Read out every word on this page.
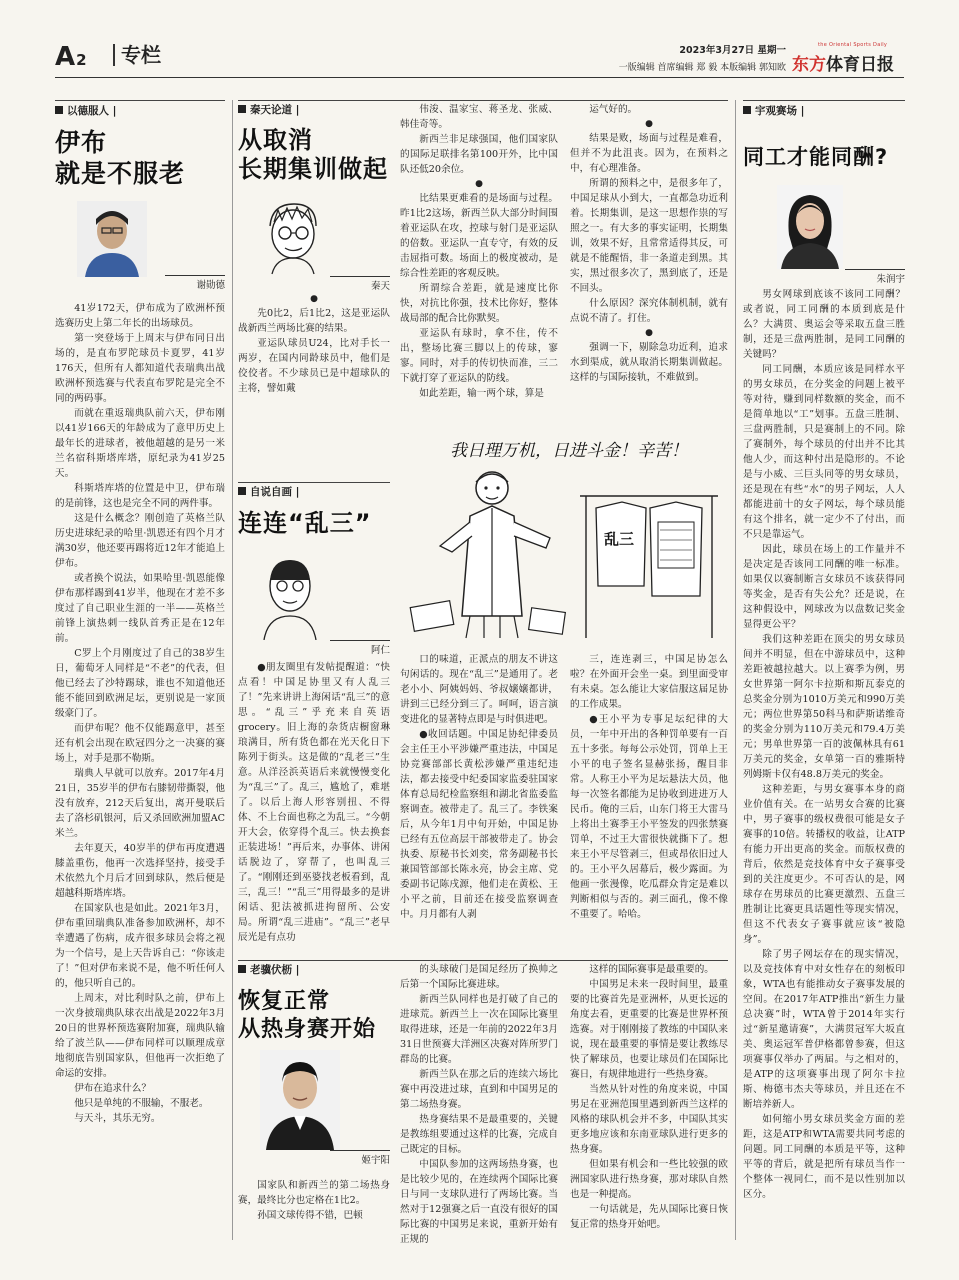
A2	专栏	2023年3月27日 星期一
一版编辑 首席编辑 郑 毅 本版编辑 郭知欧
the Oriental Sports Daily
东方体育日报
以德服人 |
伊布
就是不服老
谢勋德

41岁172天，伊布成为了欧洲杯预选赛历史上第二年长的出场球员。

第一突登场于上周末与伊布同日出场的，是直布罗陀球员卡夏罗，41岁176天，但所有人都知道代表瑞典出战欧洲杯预选赛与代表直布罗陀是完全不同的两码事。

而就在重返瑞典队前六天，伊布刚以41岁166天的年龄成为了意甲历史上最年长的进球者，被他超越的是另一米兰名宿科斯塔库塔，原纪录为41岁25天。

科斯塔库塔的位置是中卫，伊布瑞的是前锋，这也是完全不同的两件事。

这是什么概念？刚创造了英格兰队历史进球纪录的哈里·凯恩还有四个月才满30岁，他还要再踢将近12年才能追上伊布。

或者换个说法，如果哈里·凯恩能像伊布那样踢到41岁半，他现在才差不多度过了自己职业生涯的一半——英格兰前锋上演热刺一线队首秀正是在12年前。

C罗上个月刚度过了自己的38岁生日，葡萄牙人同样是“不老”的代表，但他已经去了沙特踢球，谁也不知道他还能不能回到欧洲足坛，更别说是一家顶级豪门了。

而伊布呢？他不仅能踢意甲，甚至还有机会出现在欧冠四分之一决赛的赛场上，对手是那不勒斯。

瑞典人早就可以放弃。2017年4月21日，35岁半的伊布右膝韧带撕裂，他没有放弃，212天后复出，离开曼联后去了洛杉矶银河，后又杀回欧洲加盟AC米兰。

去年夏天，40岁半的伊布再度遭遇膝盖重伤，他再一次选择坚持，接受手术依然九个月后才回到球队，然后便是超越科斯塔库塔。

在国家队也是如此。2021年3月，伊布重回瑞典队准备参加欧洲杯，却不幸遭遇了伤病，成卉很多球员会将之视为一个信号，是上天告诉自己：“你该走了！”但对伊布来说不是，他不听任何人的，他只听自己的。

上周末，对比利时队之前，伊布上一次身披瑞典队球衣出战是2022年3月20日的世界杯预选赛附加赛，瑞典队输给了波兰队——伊布同样可以顺理成章地彻底告别国家队，但他再一次拒绝了命运的安排。

伊布在追求什么？

他只是单纯的不服输，不服老。

与天斗，其乐无穷。

秦天论道 |
从取消
长期集训做起
秦天
●

先0比2，后1比2，这是亚运队战新西兰两场比赛的结果。

亚运队球员U24，比对手长一两岁，在国内同龄球员中，他们是佼佼者。不少球员已是中超球队的主将，譬如戴

伟浚、温家宝、蒋圣龙、张威、韩佳奇等。

新西兰非足球强国，他们国家队的国际足联排名第100开外，比中国队还低20余位。

●

比结果更难看的是场面与过程。昨1比2这场，新西兰队大部分时间围着亚运队在攻，控球与射门是亚运队的倍数。亚运队一直专守，有效的反击屈指可数。场面上的极度被动，是综合性差距的客观反映。

所谓综合差距，就是速度比你快，对抗比你强，技术比你好，整体战局部的配合比你默契。

亚运队有球时，拿不住，传不出，整场比赛三脚以上的传球，寥寥。同时，对手的传切快而准，三二下就打穿了亚运队的防线。

如此差距，输一两个球，算是

运气好的。

●

结果是败，场面与过程是难看，但并不为此沮丧。因为，在预料之中，有心理准备。

所谓的预料之中，是很多年了，中国足球从小到大，一直都急功近利着。长期集训，是这一思想作祟的写照之一。有大多的事实证明，长期集训，效果不好，且常常适得其反，可就是不能醒悟，非一条道走到黑。其实，黑过很多次了，黑到底了，还是不回头。

什么原因？深究体制机制，就有点说不清了。打住。

●

强调一下，剔除急功近利，追求水到渠成，就从取消长期集训做起。这样的与国际接轨，不难做到。

我日理万机，日进斗金！辛苦！
乱三
自说自画 |
连连“乱三”
阿仁

●朋友圈里有发帖提醒道：“快点看！中国足协里又有人乱三了！”先来讲讲上海闲话“乱三”的意思。“乱三”乎充来自英语grocery。旧上海的杂货店橱窗琳琅满目，所有货色都在光天化日下陈列于街头。这是做的“乱老三”生意。从洋泾浜英语后来就慢慢变化为“乱三”了。乱三，尴尬了，难堪了。以后上海人形容别扭、不得体、不上台面也称之为乱三。“今朝开大会，依穿得个乱三。快去换套正装进场！”再后来，办事体、讲闲话脱边了，穿帮了，也叫乱三了。“刚刚还到巫婆找老板看到，乱三，乱三！”“乱三”用得最多的是讲闲话、犯法被抓进拘留所、公安局。所谓“乱三进庙”。“乱三”老早辰光是有点功

口的味道，正派点的朋友不讲这句闲话的。现在“乱三”是通用了。老老小小、阿姨妈妈、爷叔嬢嬢都讲，讲到三已经分到三了。呵呵，语言演变进化的显著特点即是与时俱进吧。

●收回话题。中国足协纪律委员会主任王小平涉嫌严重违法，中国足协竞赛部部长黄松涉嫌严重违纪违法，都去接受中纪委国家监委驻国家体育总局纪检监察组和湖北省监委监察调查。被带走了。乱三了。李铁案后，从今年1月中旬开始，中国足协已经有五位高层干部被带走了。协会执委、原秘书长刘奕，常务副秘书长兼国管部部长陈永亮，协会主席、党委副书记陈戌源，他们走在黄松、王小平之前，目前还在接受监察调查中。月月都有人剥

三，连连剥三，中国足协怎么啦？在外面开会坐一桌。到里面受审有未桌。怎么能让大家信服这届足协的工作成果。

●王小平为专事足坛纪律的大员，一年中开出的各种罚单要有一百五十多张。每每公示处罚，罚单上王小平的电子签名显赫张扬，醒目非常。人称王小平为足坛悬法大员，他每一次签名都能为足协收到进进万人民币。俺的三后，山东门将王大雷马上将出土赛季王小平签发的四张禁赛罚单，不过王大雷很快就撕下了。想来王小平尽管剥三，但或昂依旧过人的。王小平久居幕后，极少露面。为他画一张漫像，吃瓜群众肯定是难以判断相似与否的。剥三面孔，像不像不重要了。哈哈。

老骥伏枥 |
恢复正常
从热身赛开始
姬宇阳

国家队和新西兰的第二场热身赛，最终比分也定格在1比2。

孙国文球传得不错，巴顿

的头球破门是国足经历了换帅之后第一个国际比赛进球。

新西兰队同样也是打破了自己的进球荒。新西兰上一次在国际比赛里取得进球，还是一年前的2022年3月31日世预赛大洋洲区决赛对阵所罗门群岛的比赛。

新西兰队在那之后的连续六场比赛中再没进过球，直到和中国男足的第二场热身赛。

热身赛结果不是最重要的，关键是教练组要通过这样的比赛，完成自己既定的目标。

中国队参加的这两场热身赛，也是比较少见的，在连续两个国际比赛日与同一支球队进行了两场比赛。当然对于12强赛之后一直没有很好的国际比赛的中国男足来说，重新开始有正规的

这样的国际赛事是最重要的。

中国男足未来一段时间里，最重要的比赛首先是亚洲杯，从更长远的角度去看，更重要的比赛是世界杯预选赛。对于刚刚接了教练的中国队来说，现在最重要的事情是要让教练尽快了解球员，也要让球员们在国际比赛日，有规律地进行一些热身赛。

当然从针对性的角度来说，中国男足在亚洲范围里遇到新西兰这样的风格的球队机会并不多，中国队其实更多地应该和东南亚球队进行更多的热身赛。

但如果有机会和一些比较强的欧洲国家队进行热身赛，那对球队自然也是一种提高。

一句话就是，先从国际比赛日恢复正常的热身开始吧。

宇观赛场 |
同工才能同酬?
朱润宇

男女网球到底该不该同工同酬？或者说，同工同酬的本质到底是什么？大满贯、奥运会等采取五盘三胜制，还是三盘两胜制，是同工同酬的关键吗？

同工同酬，本质应该是同样水平的男女球员，在分奖金的问题上被平等对待，赚到同样数额的奖金，而不是简单地以“工”划事。五盘三胜制、三盘两胜制，只是赛制上的不同。除了赛制外，每个球员的付出并不比其他人少，而这种付出是隐形的。不论是与小威、三巨头同等的男女球员，还是现在有些“水”的男子网坛，人人都能进前十的女子网坛，每个球员能有这个排名，就一定少不了付出，而不只是靠运气。

因此，球员在场上的工作量并不是决定是否该同工同酬的唯一标准。如果仅以赛制断言女球员不该获得同等奖金，是否有失公允？还是说，在这种假设中，网球改为以盘数记奖金显得更公平？

我们这种差距在顶尖的男女球员间并不明显，但在中游球员中，这种差距被越拉越大。以上赛季为例，男女世界第一阿尔卡拉斯和斯瓦泰克的总奖金分别为1010万美元和990万美元；两位世界第50科马和萨斯诺维奇的奖金分别为110万美元和79.4万美元；男单世界第一百的波佩林具有61万美元的奖金，女单第一百的雅斯特列姆斯卡仅有48.8万美元的奖金。

这种差距，与男女赛事本身的商业价值有关。在一站男女合赛的比赛中，男子赛事的级权费很可能是女子赛事的10倍。转播权的收益，让ATP有能力开出更高的奖金。而版权费的背后，依然是竞技体育中女子赛事受到的关注度更少。不可否认的是，网球存在男球员的比赛更激烈、五盘三胜制让比赛更具话题性等现实情况，但这不代表女子赛事就应该“被隐身”。

除了男子网坛存在的现实情况，以及竞技体育中对女性存在的刻板印象，WTA也有能推动女子赛事发展的空间。在2017年ATP推出“新生力量总决赛”时，WTA曾于2014年实行过“新星邀请赛”，大满贯冠军大坂直美、奥运冠军普伊格都曾参赛，但这项赛事仅举办了两届。与之相对的，是ATP的这项赛事出现了阿尔卡拉斯、梅德韦杰夫等球员，并且还在不断培养新人。

如何缩小男女球员奖金方面的差距，这是ATP和WTA需要共同考虑的问题。同工同酬的本质是平等，这种平等的背后，就是把所有球员当作一个整体一视同仁，而不是以性别加以区分。
